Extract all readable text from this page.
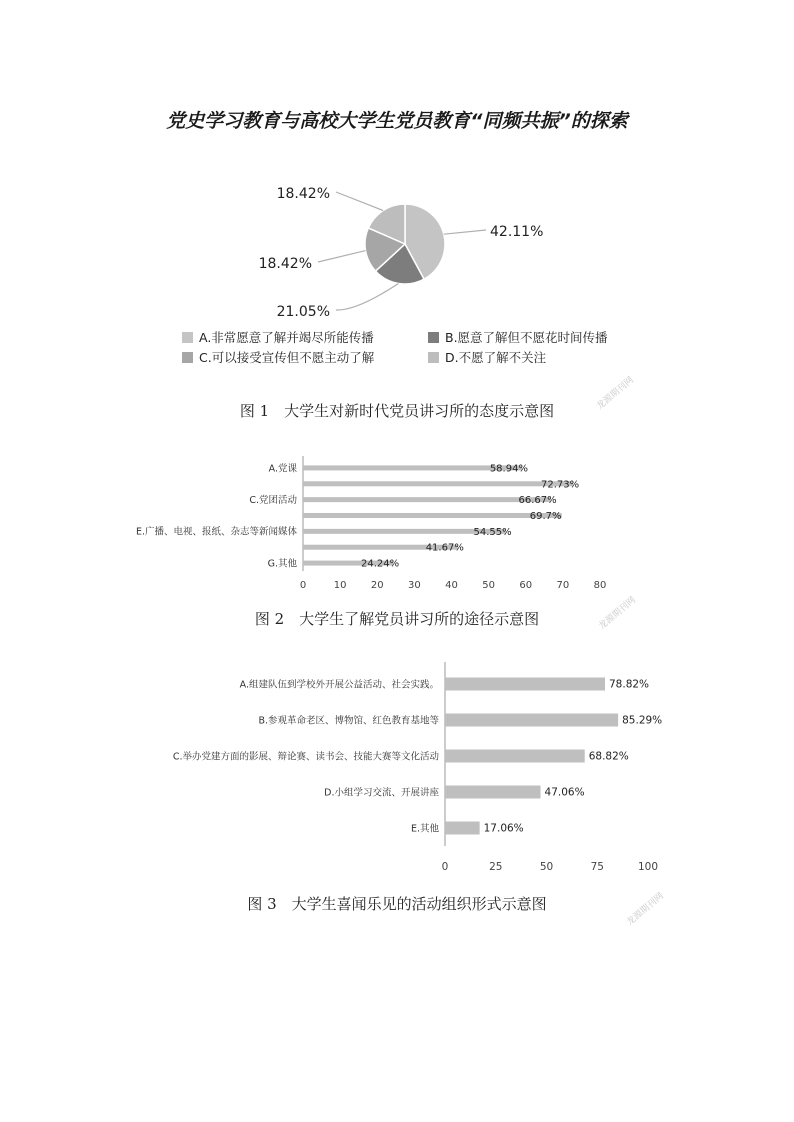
党史学习教育与高校大学生党员教育“同频共振”的探索
42.11%
21.05%
18.42%
18.42%
A.非常愿意了解并竭尽所能传播	B.愿意了解但不愿花时间传播
C.可以接受宣传但不愿主动了解	D.不愿了解不关注
图 1　大学生对新时代党员讲习所的态度示意图
58.94%
A.党课
72.73%
66.67%
C.党团活动
69.7%
54.55%
E.广播、电视、报纸、杂志等新闻媒体
41.67%
24.24%
G.其他
0	10 20 30 40 50 60 70 80
图 2　大学生了解党员讲习所的途径示意图
78.82%
A.组建队伍到学校外开展公益活动、社会实践。
85.29%
B.参观革命老区、博物馆、红色教育基地等
68.82%
C.举办党建方面的影展、辩论赛、读书会、技能大赛等文化活动
47.06%
D.小组学习交流、开展讲座
17.06%
E.其他
0	25	50	75	100
图 3　大学生喜闻乐见的活动组织形式示意图
龙源期刊网
龙源期刊网
龙源期刊网
